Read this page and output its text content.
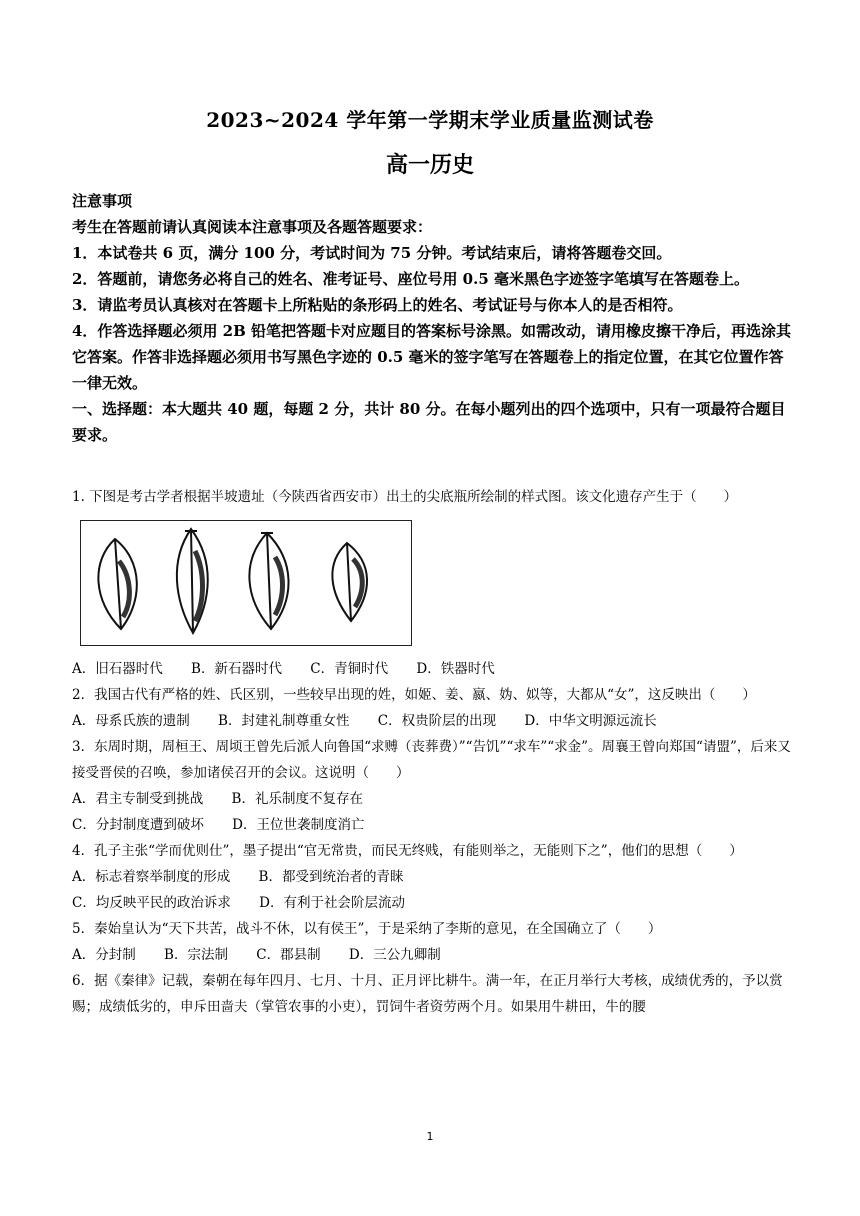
2023~2024 学年第一学期末学业质量监测试卷
高一历史
注意事项
考生在答题前请认真阅读本注意事项及各题答题要求：
1．本试卷共 6 页，满分 100 分，考试时间为 75 分钟。考试结束后，请将答题卷交回。
2．答题前，请您务必将自己的姓名、准考证号、座位号用 0.5 毫米黑色字迹签字笔填写在答题卷上。
3．请监考员认真核对在答题卡上所粘贴的条形码上的姓名、考试证号与你本人的是否相符。
4．作答选择题必须用 2B 铅笔把答题卡对应题目的答案标号涂黑。如需改动，请用橡皮擦干净后，再选涂其它答案。作答非选择题必须用书写黑色字迹的 0.5 毫米的签字笔写在答题卷上的指定位置，在其它位置作答一律无效。
一、选择题：本大题共 40 题，每题 2 分，共计 80 分。在每小题列出的四个选项中，只有一项最符合题目要求。
1. 下图是考古学者根据半坡遗址（今陕西省西安市）出土的尖底瓶所绘制的样式图。该文化遗存产生于（　　）
A．旧石器时代 B．新石器时代 C．青铜时代 D．铁器时代
2．我国古代有严格的姓、氏区别，一些较早出现的姓，如姬、姜、嬴、妫、姒等，大都从“女”，这反映出（　　）
A．母系氏族的遗制 B．封建礼制尊重女性 C．权贵阶层的出现 D．中华文明源远流长
3．东周时期，周桓王、周顷王曾先后派人向鲁国“求赙（丧葬费）”“告饥”“求车”“求金”。周襄王曾向郑国“请盟”，后来又接受晋侯的召唤，参加诸侯召开的会议。这说明（　　）
A．君主专制受到挑战 B．礼乐制度不复存在
C．分封制度遭到破坏 D．王位世袭制度消亡
4．孔子主张“学而优则仕”，墨子提出“官无常贵，而民无终贱，有能则举之，无能则下之”，他们的思想（　　）
A．标志着察举制度的形成 B．都受到统治者的青睐
C．均反映平民的政治诉求 D．有利于社会阶层流动
5．秦始皇认为“天下共苦，战斗不休，以有侯王”，于是采纳了李斯的意见，在全国确立了（　　）
A．分封制 B．宗法制 C．郡县制 D．三公九卿制
6．据《秦律》记载，秦朝在每年四月、七月、十月、正月评比耕牛。满一年，在正月举行大考核，成绩优秀的，予以赏赐；成绩低劣的，申斥田啬夫（掌管农事的小吏），罚饲牛者资劳两个月。如果用牛耕田，牛的腰
1
